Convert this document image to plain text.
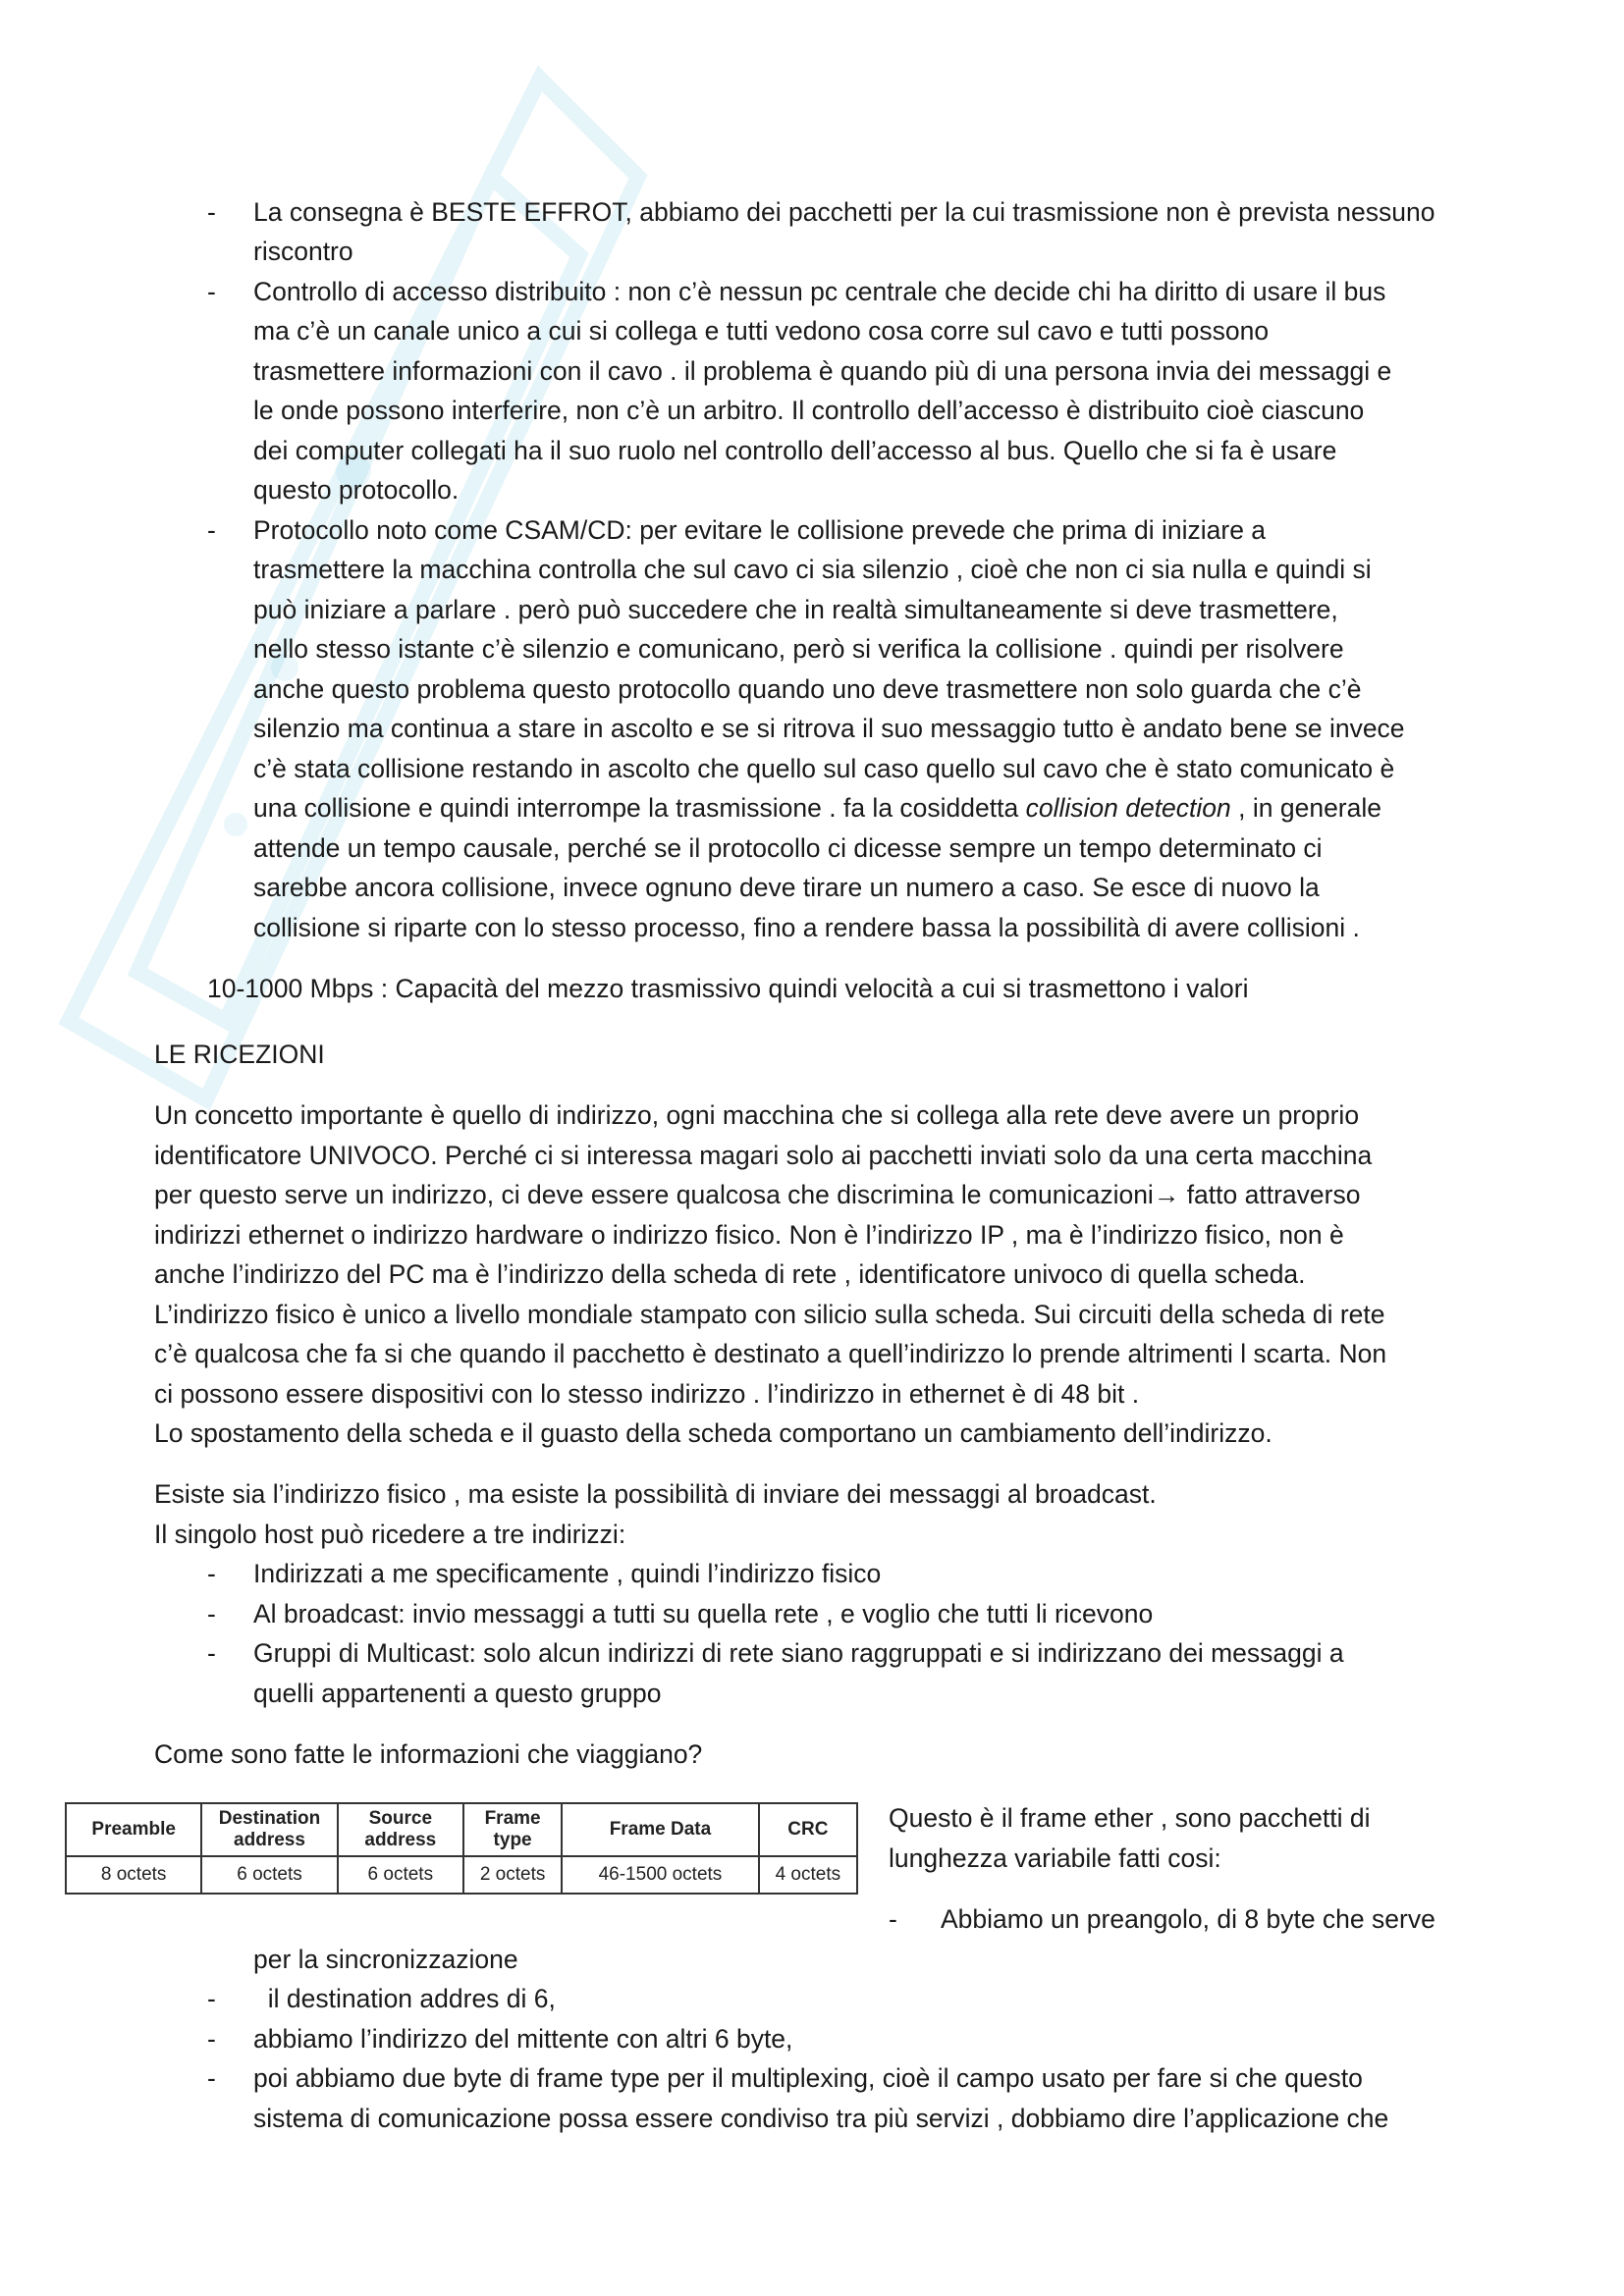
- La consegna è BESTE EFFROT, abbiamo dei pacchetti per la cui trasmissione non è prevista nessuno
riscontro
- Controllo di accesso distribuito : non c’è nessun pc centrale che decide chi ha diritto di usare il bus
ma c’è un canale unico a cui si collega e tutti vedono cosa corre sul cavo e tutti possono
trasmettere informazioni con il cavo . il problema è quando più di una persona invia dei messaggi e
le onde possono interferire, non c’è un arbitro. Il controllo dell’accesso è distribuito cioè ciascuno
dei computer collegati ha il suo ruolo nel controllo dell’accesso al bus. Quello che si fa è usare
questo protocollo.
- Protocollo noto come CSAM/CD: per evitare le collisione prevede che prima di iniziare a
trasmettere la macchina controlla che sul cavo ci sia silenzio , cioè che non ci sia nulla e quindi si
può iniziare a parlare . però può succedere che in realtà simultaneamente si deve trasmettere,
nello stesso istante c’è silenzio e comunicano, però si verifica la collisione . quindi per risolvere
anche questo problema questo protocollo quando uno deve trasmettere non solo guarda che c’è
silenzio ma continua a stare in ascolto e se si ritrova il suo messaggio tutto è andato bene se invece
c’è stata collisione restando in ascolto che quello sul caso quello sul cavo che è stato comunicato è
una collisione e quindi interrompe la trasmissione . fa la cosiddetta collision detection , in generale
attende un tempo causale, perché se il protocollo ci dicesse sempre un tempo determinato ci
sarebbe ancora collisione, invece ognuno deve tirare un numero a caso. Se esce di nuovo la
collisione si riparte con lo stesso processo, fino a rendere bassa la possibilità di avere collisioni .
10-1000 Mbps : Capacità del mezzo trasmissivo quindi velocità a cui si trasmettono i valori
LE RICEZIONI
Un concetto importante è quello di indirizzo, ogni macchina che si collega alla rete deve avere un proprio
identificatore UNIVOCO. Perché ci si interessa magari solo ai pacchetti inviati solo da una certa macchina
per questo serve un indirizzo, ci deve essere qualcosa che discrimina le comunicazioni→ fatto attraverso
indirizzi ethernet o indirizzo hardware o indirizzo fisico. Non è l’indirizzo IP , ma è l’indirizzo fisico, non è
anche l’indirizzo del PC ma è l’indirizzo della scheda di rete , identificatore univoco di quella scheda.
L’indirizzo fisico è unico a livello mondiale stampato con silicio sulla scheda. Sui circuiti della scheda di rete
c’è qualcosa che fa si che quando il pacchetto è destinato a quell’indirizzo lo prende altrimenti l scarta. Non
ci possono essere dispositivi con lo stesso indirizzo . l’indirizzo in ethernet è di 48 bit .
Lo spostamento della scheda e il guasto della scheda comportano un cambiamento dell’indirizzo.
Esiste sia l’indirizzo fisico , ma esiste la possibilità di inviare dei messaggi al broadcast.
Il singolo host può ricedere a tre indirizzi:
- Indirizzati a me specificamente , quindi l’indirizzo fisico
- Al broadcast: invio messaggi a tutti su quella rete , e voglio che tutti li ricevono
- Gruppi di Multicast: solo alcun indirizzi di rete siano raggruppati e si indirizzano dei messaggi a
quelli appartenenti a questo gruppo
Come sono fatte le informazioni che viaggiano?
Preamble	Destination address	Source address	Frame type	Frame Data	CRC
8 octets	6 octets	6 octets	2 octets	46-1500 octets	4 octets
Questo è il frame ether , sono pacchetti di
lunghezza variabile fatti cosi:
- Abbiamo un preangolo, di 8 byte che serve
per la sincronizzazione
- il destination addres di 6,
- abbiamo l’indirizzo del mittente con altri 6 byte,
- poi abbiamo due byte di frame type per il multiplexing, cioè il campo usato per fare si che questo
sistema di comunicazione possa essere condiviso tra più servizi , dobbiamo dire l’applicazione che
